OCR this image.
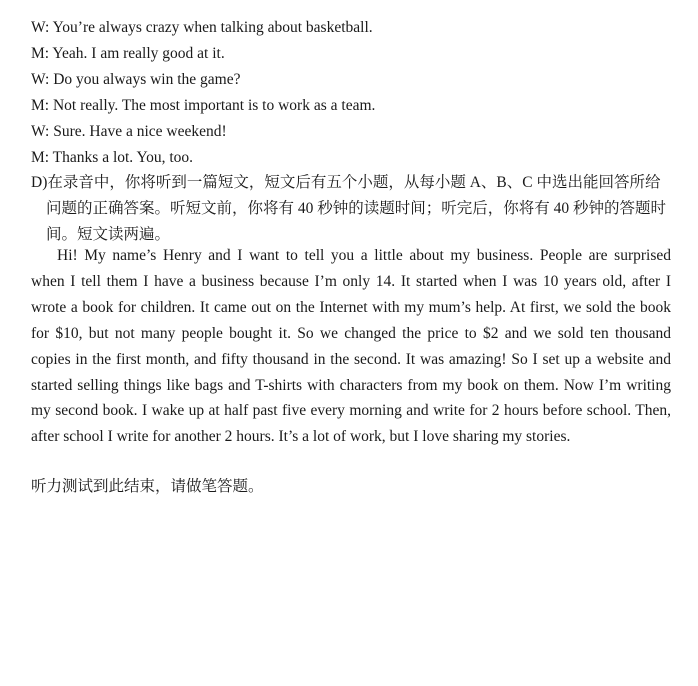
W: You’re always crazy when talking about basketball.
M: Yeah. I am really good at it.
W: Do you always win the game?
M: Not really. The most important is to work as a team.
W: Sure. Have a nice weekend!
M: Thanks a lot. You, too.
D)在录音中，你将听到一篇短文，短文后有五个小题，从每小题 A、B、C 中选出能回答所给
问题的正确答案。听短文前，你将有 40 秒钟的读题时间；听完后，你将有 40 秒钟的答题时
间。短文读两遍。
Hi! My name’s Henry and I want to tell you a little about my business. People are surprised
when I tell them I have a business because I’m only 14. It started when I was 10 years old, after I
wrote a book for children. It came out on the Internet with my mum’s help. At first, we sold the book
for $10, but not many people bought it. So we changed the price to $2 and we sold ten thousand
copies in the first month, and fifty thousand in the second. It was amazing! So I set up a website and
started selling things like bags and T-shirts with characters from my book on them. Now I’m writing
my second book. I wake up at half past five every morning and write for 2 hours before school. Then,
after school I write for another 2 hours. It’s a lot of work, but I love sharing my stories.
听力测试到此结束，请做笔答题。
